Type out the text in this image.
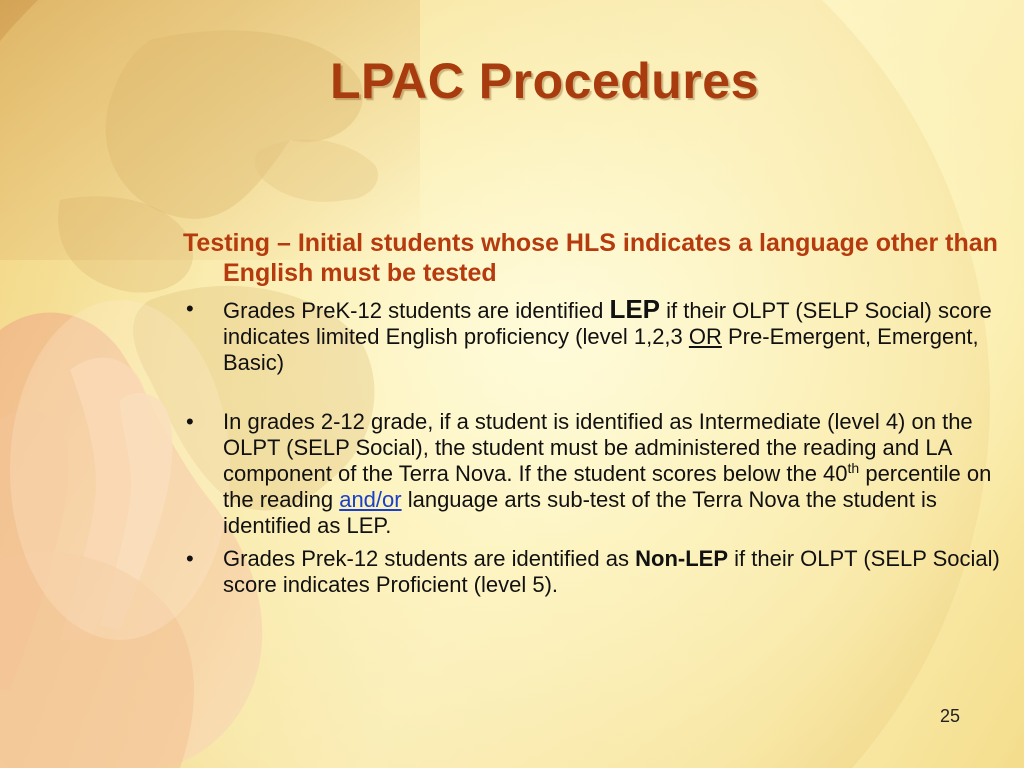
LPAC Procedures

Testing – Initial students whose HLS indicates a language other than English must be tested

• Grades PreK-12 students are identified LEP if their OLPT (SELP Social) score indicates limited English proficiency (level 1,2,3 OR Pre-Emergent, Emergent, Basic)
• In grades 2-12 grade, if a student is identified as Intermediate (level 4) on the OLPT (SELP Social), the student must be administered the reading and LA component of the Terra Nova. If the student scores below the 40th percentile on the reading and/or language arts sub-test of the Terra Nova the student is identified as LEP.
• Grades Prek-12 students are identified as Non-LEP if their OLPT (SELP Social) score indicates Proficient (level 5).
25
